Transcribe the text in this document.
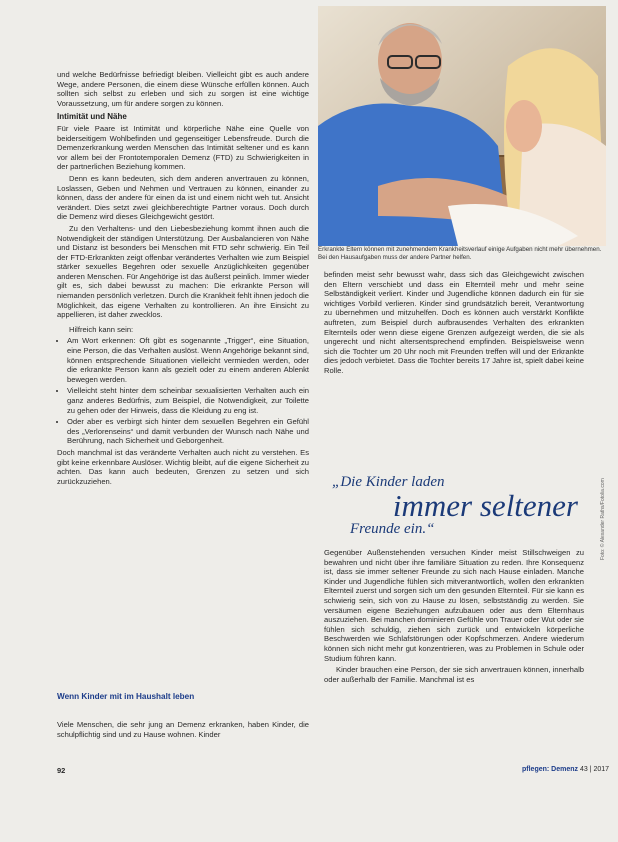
und welche Bedürfnisse befriedigt bleiben. Vielleicht gibt es auch andere Wege, andere Personen, die einem diese Wünsche erfüllen können. Auch sollten sich selbst zu erleben und sich zu sorgen ist eine wichtige Voraussetzung, um für andere sorgen zu können.

Intimität und Nähe

Für viele Paare ist Intimität und körperliche Nähe eine Quelle von beiderseitigem Wohlbefinden und gegenseitiger Lebensfreude. Durch die Demenzerkrankung werden Menschen das Intimität seltener und es kann vor allem bei der Frontotemporalen Demenz (FTD) zu Schwierigkeiten in der partnerlichen Beziehung kommen.

Denn es kann bedeuten, sich dem anderen anvertrauen zu können, Loslassen, Geben und Nehmen und Vertrauen zu können, einander zu können, dass der andere für einen da ist und einem nicht weh tut. Ansicht verändert. Dies setzt zwei gleichberechtigte Partner voraus. Doch durch die Demenz wird dieses Gleichgewicht gestört.

Zu den Verhaltens- und den Liebesbeziehung kommt ihnen auch die Notwendigkeit der ständigen Unterstützung. Der Ausbalancieren von Nähe und Distanz ist besonders bei Menschen mit FTD sehr schwierig. Ein Teil der FTD-Erkrankten zeigt offenbar verändertes Verhalten wie zum Beispiel stärker sexuelles Begehren oder sexuelle Anzüglichkeiten gegenüber anderen Menschen. Für Angehörige ist das äußerst peinlich. Immer wieder gilt es, sich dabei bewusst zu machen: Die erkrankte Person will niemanden persönlich verletzen. Durch die Krankheit fehlt ihnen jedoch die Möglichkeit, das eigene Verhalten zu kontrollieren. An ihre Einsicht zu appellieren, ist daher zwecklos.

Hilfreich kann sein:

• Am Wort erkennen: Oft gibt es sogenannte „Trigger“, eine Situation, eine Person, die das Verhalten auslöst. Wenn Angehörige bekannt sind, können entsprechende Situationen vielleicht vermieden werden, oder die erkrankte Person kann als gezielt oder zu einem anderen Ablenkt bewegen werden.
• Vielleicht steht hinter dem scheinbar sexualisierten Verhalten auch ein ganz anderes Bedürfnis, zum Beispiel, die Notwendigkeit, zur Toilette zu gehen oder der Hinweis, dass die Kleidung zu eng ist.
• Oder aber es verbirgt sich hinter dem sexuellen Begehren ein Gefühl des „Verlorenseins“ und damit verbunden der Wunsch nach Nähe und Berührung, nach Sicherheit und Geborgenheit.

Doch manchmal ist das veränderte Verhalten auch nicht zu verstehen. Es gibt keine erkennbare Auslöser. Wichtig bleibt, auf die eigene Sicherheit zu achten. Das kann auch bedeuten, Grenzen zu setzen und sich zurückzuziehen.

Wenn Kinder mit im Haushalt leben

Viele Menschen, die sehr jung an Demenz erkranken, haben Kinder, die schulpflichtig sind und zu Hause wohnen. Kinder

Erkrankte Eltern können mit zunehmendem Krankheitsverlauf einige Aufgaben nicht mehr übernehmen. Bei den Hausaufgaben muss der andere Partner helfen.

befinden meist sehr bewusst wahr, dass sich das Gleichgewicht zwischen den Eltern verschiebt und dass ein Elternteil mehr und mehr seine Selbständigkeit verliert. Kinder und Jugendliche können dadurch ein für sie wichtiges Vorbild verlieren. Kinder sind grundsätzlich bereit, Verantwortung zu übernehmen und mitzuhelfen. Doch es können auch verstärkt Konflikte auftreten, zum Beispiel durch aufbrausendes Verhalten des erkrankten Elternteils oder wenn diese eigene Grenzen aufgezeigt werden, die sie als ungerecht und nicht altersentsprechend empfinden. Beispielsweise wenn sich die Tochter um 20 Uhr noch mit Freunden treffen will und der Erkrankte dies jedoch verbietet. Dass die Tochter bereits 17 Jahre ist, spielt dabei keine Rolle.

„Die Kinder laden
immer seltener
Freunde ein.“

Gegenüber Außenstehenden versuchen Kinder meist Stillschweigen zu bewahren und nicht über ihre familiäre Situation zu reden. Ihre Konsequenz ist, dass sie immer seltener Freunde zu sich nach Hause einladen. Manche Kinder und Jugendliche fühlen sich mitverantwortlich, wollen den erkrankten Elternteil zuerst und sorgen sich um den gesunden Elternteil. Für sie kann es schwierig sein, sich von zu Hause zu lösen, selbstständig zu werden. Sie versäumen eigene Beziehungen aufzubauen oder aus dem Elternhaus auszuziehen. Bei manchen dominieren Gefühle von Trauer oder Wut oder sie fühlen sich schuldig, ziehen sich zurück und entwickeln körperliche Beschwerden wie Schlafstörungen oder Kopfschmerzen. Andere wiederum können sich nicht mehr gut konzentrieren, was zu Problemen in Schule oder Studium führen kann.

Kinder brauchen eine Person, der sie sich anvertrauen können, innerhalb oder außerhalb der Familie. Manchmal ist es

Foto: © Alexander Raths/Fotolia.com
92	pflegen: Demenz 43 | 2017
